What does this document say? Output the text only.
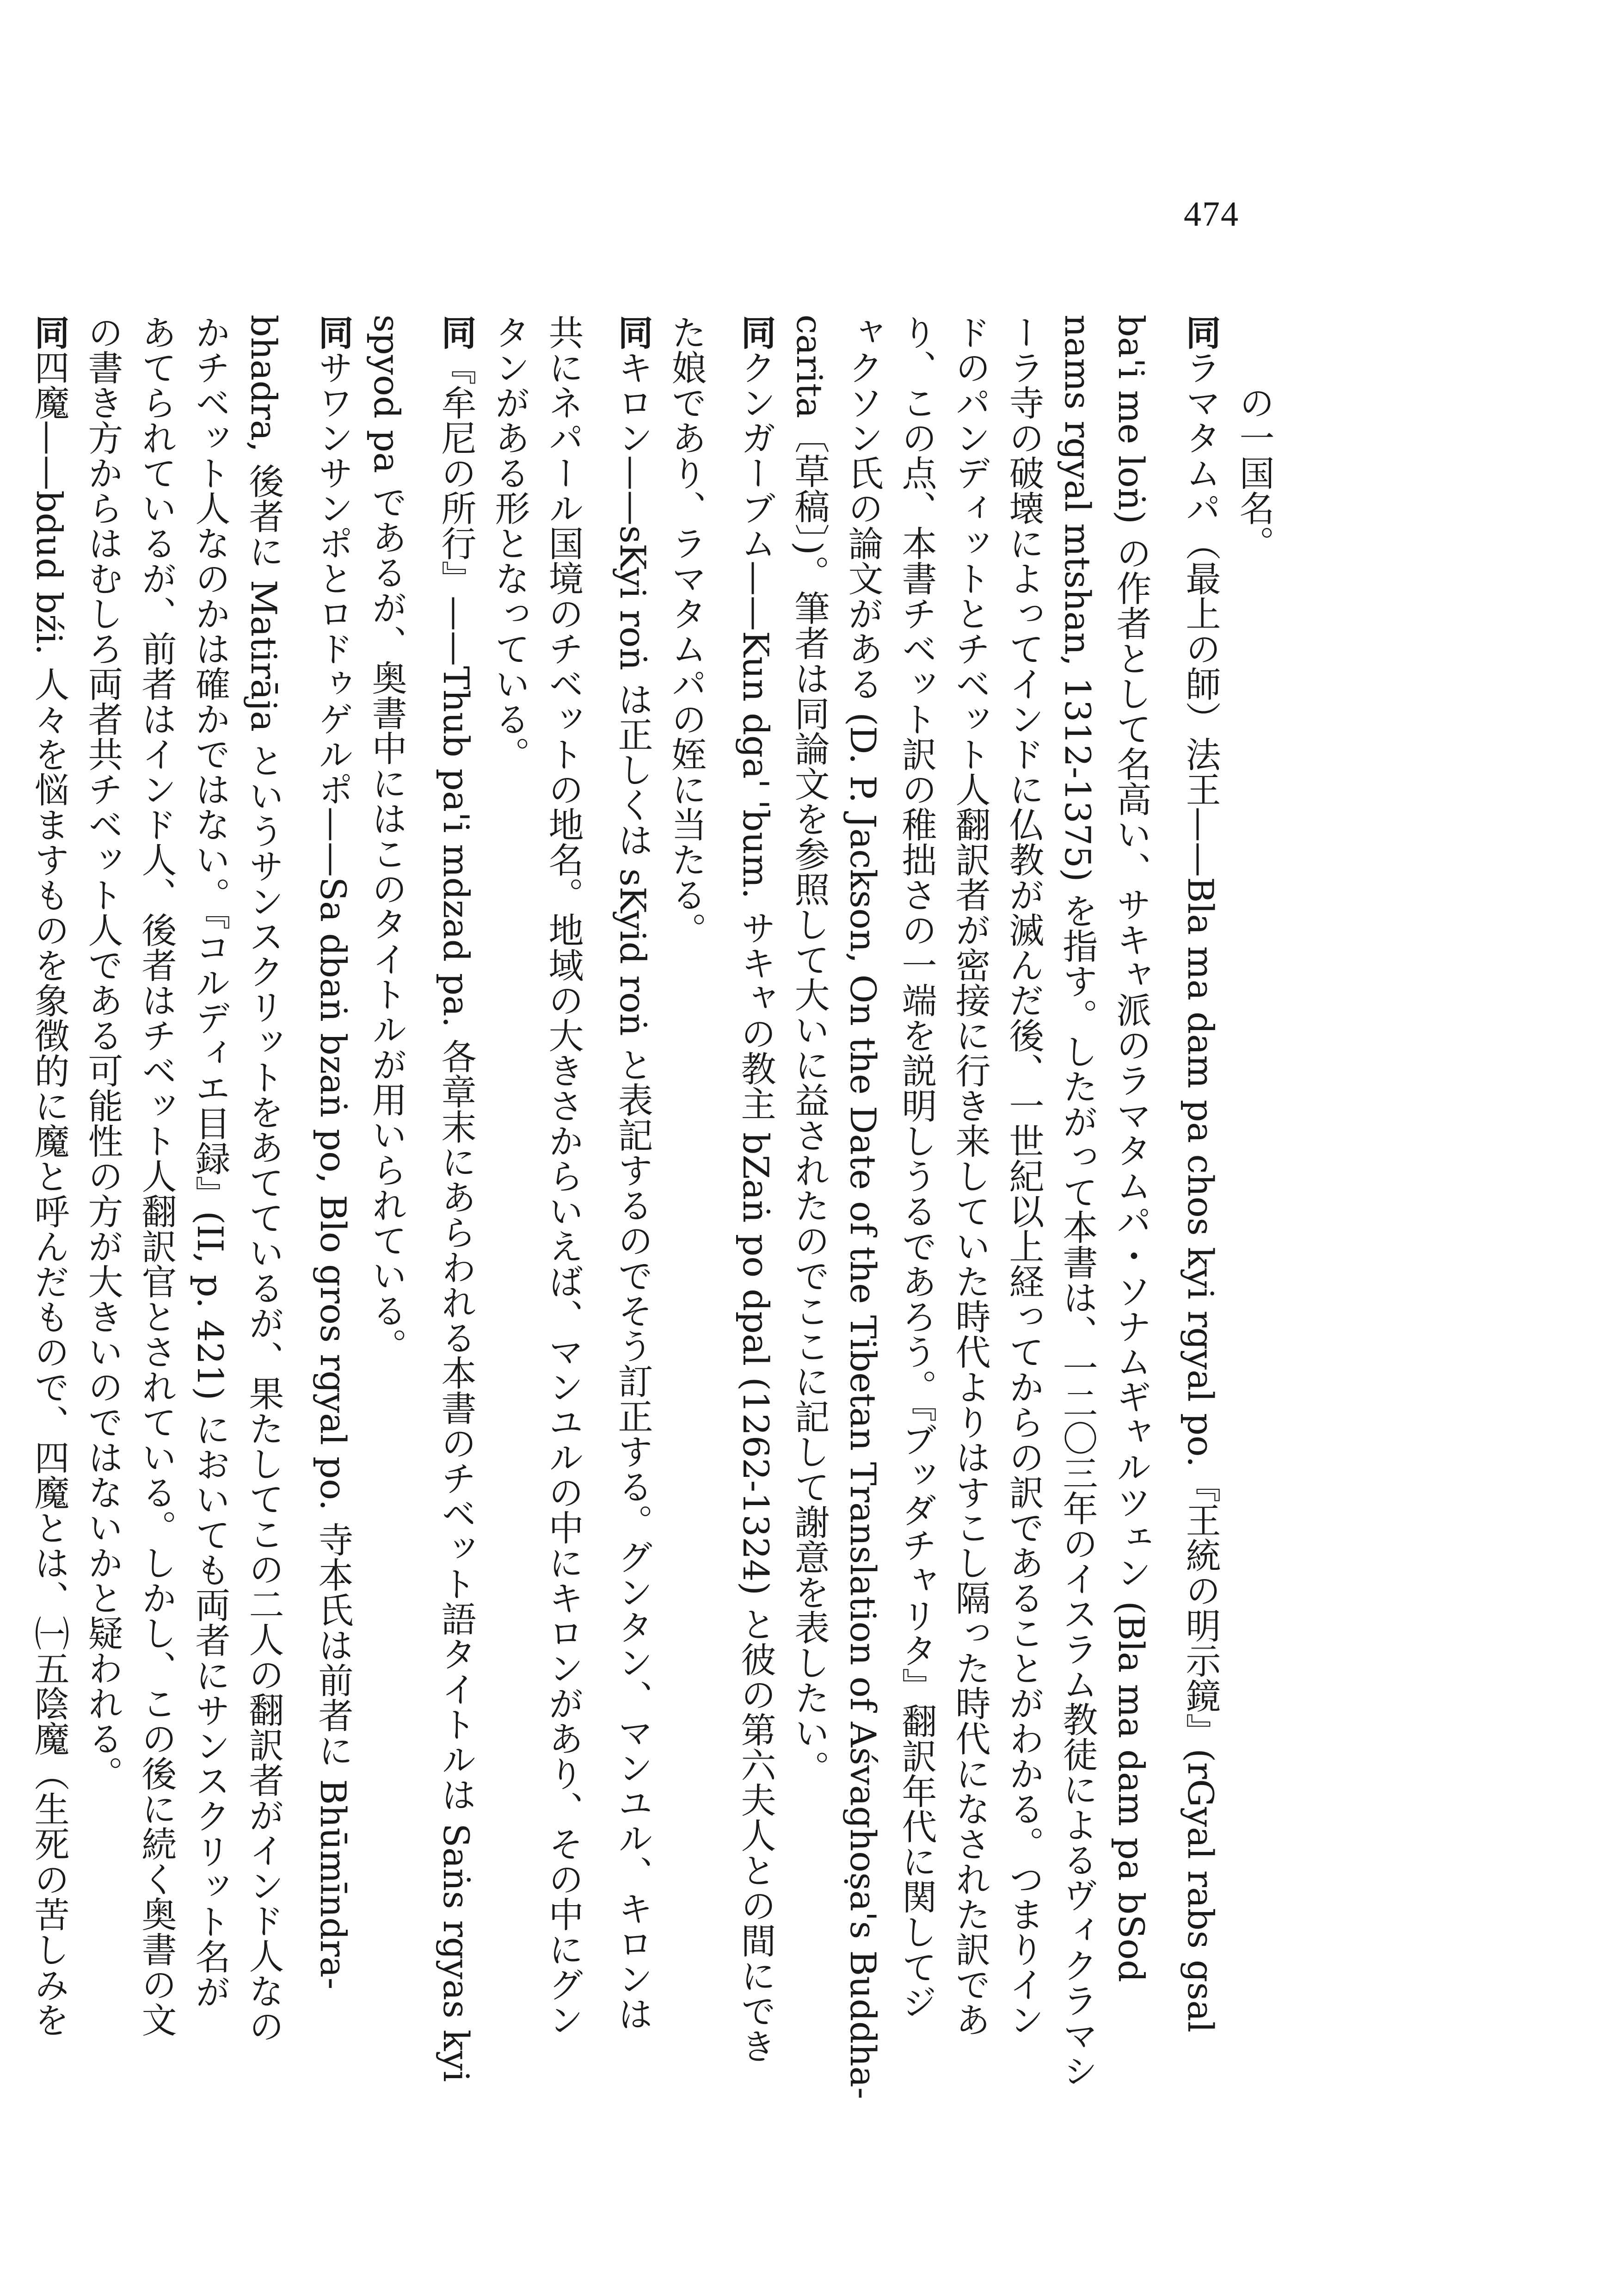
474
の一国名。
同ラマタムパ（最上の師）法王——Bla ma dam pa chos kyi rgyal po.『王統の明示鏡』(rGyal rabs gsal
ba'i me loṅ) の作者として名高い、サキャ派のラマタムパ・ソナムギャルツェン (Bla ma dam pa bSod
nams rgyal mtshan, 1312-1375) を指す。したがって本書は、一二〇三年のイスラム教徒によるヴィクラマシ
ーラ寺の破壊によってインドに仏教が滅んだ後、一世紀以上経ってからの訳であることがわかる。つまりイン
ドのパンディットとチベット人翻訳者が密接に行き来していた時代よりはすこし隔った時代になされた訳であ
り、この点、本書チベット訳の稚拙さの一端を説明しうるであろう。『ブッダチャリタ』翻訳年代に関してジ
ャクソン氏の論文がある (D. P. Jackson, On the Date of the Tibetan Translation of Aśvaghoṣa's Buddha-
carita〔草稿〕)。筆者は同論文を参照して大いに益されたのでここに記して謝意を表したい。
同クンガーブム——Kun dga' 'bum. サキャの教主 bZaṅ po dpal (1262-1324) と彼の第六夫人との間にでき
た娘であり、ラマタムパの姪に当たる。
同キロン——sKyi roṅ は正しくは sKyid roṅ と表記するのでそう訂正する。グンタン、マンユル、キロンは
共にネパール国境のチベットの地名。地域の大きさからいえば、マンユルの中にキロンがあり、その中にグン
タンがある形となっている。
同『牟尼の所行』——Thub pa'i mdzad pa. 各章末にあらわれる本書のチベット語タイトルは Saṅs rgyas kyi
spyod pa であるが、奥書中にはこのタイトルが用いられている。
同サワンサンポとロドゥゲルポ——Sa dbaṅ bzaṅ po, Blo gros rgyal po. 寺本氏は前者に Bhūmīndra-
bhadra, 後者に Matirāja というサンスクリットをあてているが、果たしてこの二人の翻訳者がインド人なの
かチベット人なのかは確かではない。『コルディエ目録』(II, p. 421) においても両者にサンスクリット名が
あてられているが、前者はインド人、後者はチベット人翻訳官とされている。しかし、この後に続く奥書の文
の書き方からはむしろ両者共チベット人である可能性の方が大きいのではないかと疑われる。
同四魔——bdud bźi. 人々を悩ますものを象徴的に魔と呼んだもので、四魔とは、㈠五陰魔（生死の苦しみを
